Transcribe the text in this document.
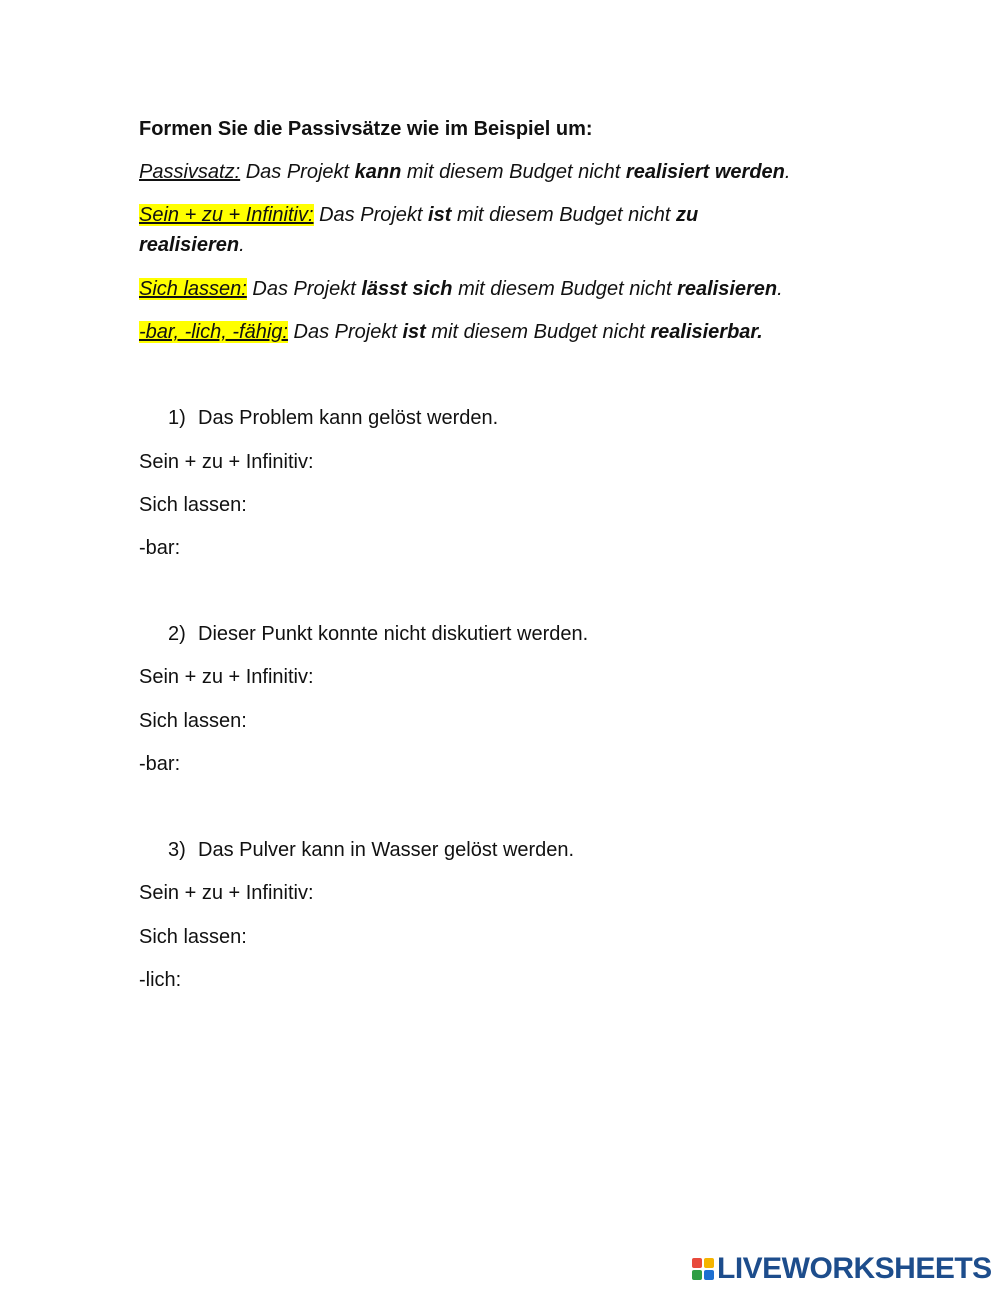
Formen Sie die Passivsätze wie im Beispiel um:
Passivsatz: Das Projekt kann mit diesem Budget nicht realisiert werden.
Sein + zu + Infinitiv: Das Projekt ist mit diesem Budget nicht zu
realisieren.
Sich lassen: Das Projekt lässt sich mit diesem Budget nicht realisieren.
-bar, -lich, -fähig: Das Projekt ist mit diesem Budget nicht realisierbar.
1) Das Problem kann gelöst werden.
Sein + zu + Infinitiv:
Sich lassen:
-bar:
2) Dieser Punkt konnte nicht diskutiert werden.
Sein + zu + Infinitiv:
Sich lassen:
-bar:
3) Das Pulver kann in Wasser gelöst werden.
Sein + zu + Infinitiv:
Sich lassen:
-lich:
LIVEWORKSHEETS
